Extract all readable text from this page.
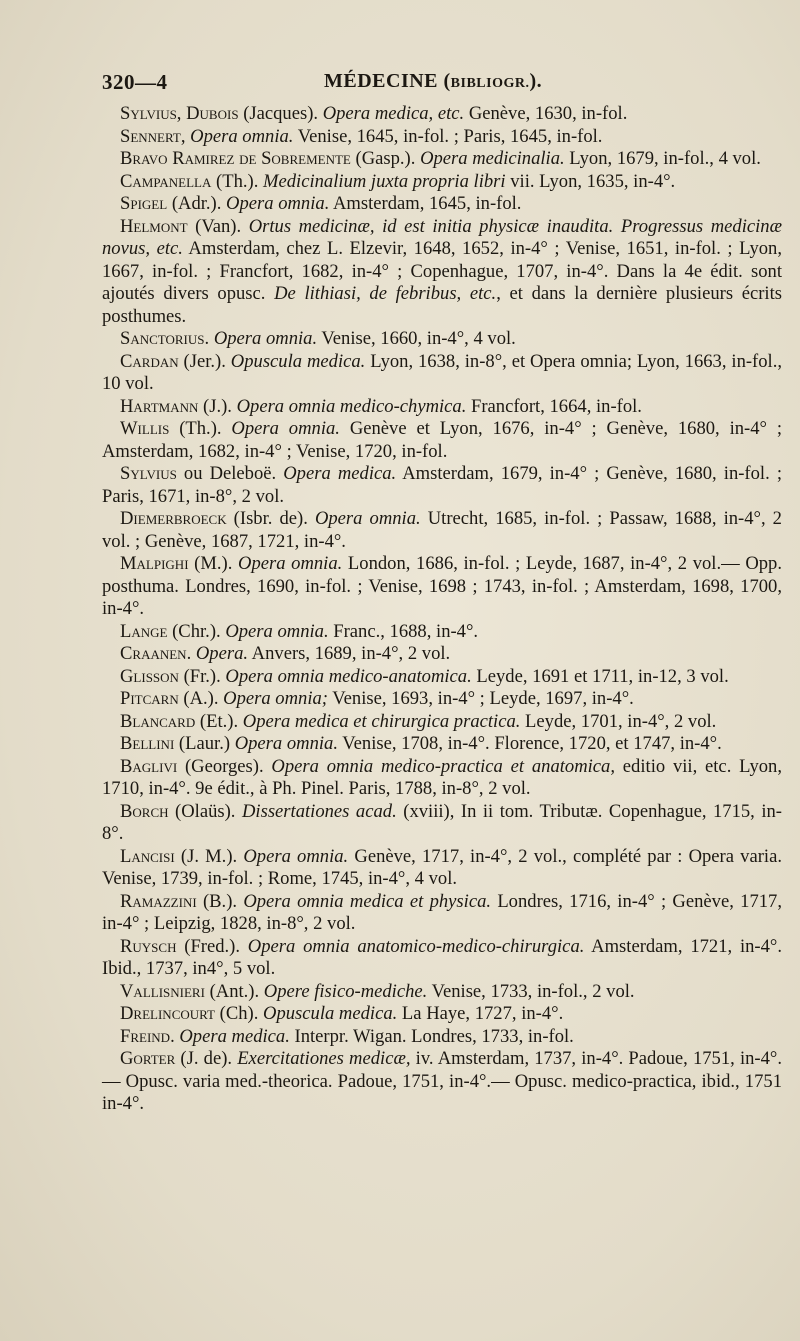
320—4	MÉDECINE (BIBLIOGR.).

Sylvius, Dubois (Jacques). Opera medica, etc. Genève, 1630, in-fol.

Sennert, Opera omnia. Venise, 1645, in-fol. ; Paris, 1645, in-fol.

Bravo Ramirez de Sobremente (Gasp.). Opera medicinalia. Lyon, 1679, in-fol., 4 vol.

Campanella (Th.). Medicinalium juxta propria libri vii. Lyon, 1635, in-4°.

Spigel (Adr.). Opera omnia. Amsterdam, 1645, in-fol.

Helmont (Van). Ortus medicinæ, id est initia physicæ inaudita. Progressus medicinæ novus, etc. Amsterdam, chez L. Elzevir, 1648, 1652, in-4° ; Venise, 1651, in-fol. ; Lyon, 1667, in-fol. ; Francfort, 1682, in-4° ; Copenhague, 1707, in-4°. Dans la 4e édit. sont ajoutés divers opusc. De lithiasi, de febribus, etc., et dans la dernière plusieurs écrits posthumes.

Sanctorius. Opera omnia. Venise, 1660, in-4°, 4 vol.

Cardan (Jer.). Opuscula medica. Lyon, 1638, in-8°, et Opera omnia; Lyon, 1663, in-fol., 10 vol.

Hartmann (J.). Opera omnia medico-chymica. Francfort, 1664, in-fol.

Willis (Th.). Opera omnia. Genève et Lyon, 1676, in-4° ; Genève, 1680, in-4° ; Amsterdam, 1682, in-4° ; Venise, 1720, in-fol.

Sylvius ou Deleboë. Opera medica. Amsterdam, 1679, in-4° ; Genève, 1680, in-fol. ; Paris, 1671, in-8°, 2 vol.

Diemerbroeck (Isbr. de). Opera omnia. Utrecht, 1685, in-fol. ; Passaw, 1688, in-4°, 2 vol. ; Genève, 1687, 1721, in-4°.

Malpighi (M.). Opera omnia. London, 1686, in-fol. ; Leyde, 1687, in-4°, 2 vol.— Opp. posthuma. Londres, 1690, in-fol. ; Venise, 1698 ; 1743, in-fol. ; Amsterdam, 1698, 1700, in-4°.

Lange (Chr.). Opera omnia. Franc., 1688, in-4°.

Craanen. Opera. Anvers, 1689, in-4°, 2 vol.

Glisson (Fr.). Opera omnia medico-anatomica. Leyde, 1691 et 1711, in-12, 3 vol.

Pitcarn (A.). Opera omnia; Venise, 1693, in-4° ; Leyde, 1697, in-4°.

Blancard (Et.). Opera medica et chirurgica practica. Leyde, 1701, in-4°, 2 vol.

Bellini (Laur.) Opera omnia. Venise, 1708, in-4°. Florence, 1720, et 1747, in-4°.

Baglivi (Georges). Opera omnia medico-practica et anatomica, editio vii, etc. Lyon, 1710, in-4°. 9e édit., à Ph. Pinel. Paris, 1788, in-8°, 2 vol.

Borch (Olaüs). Dissertationes acad. (xviii), In ii tom. Tributæ. Copenhague, 1715, in-8°.

Lancisi (J. M.). Opera omnia. Genève, 1717, in-4°, 2 vol., complété par : Opera varia. Venise, 1739, in-fol. ; Rome, 1745, in-4°, 4 vol.

Ramazzini (B.). Opera omnia medica et physica. Londres, 1716, in-4° ; Genève, 1717, in-4° ; Leipzig, 1828, in-8°, 2 vol.

Ruysch (Fred.). Opera omnia anatomico-medico-chirurgica. Amsterdam, 1721, in-4°. Ibid., 1737, in4°, 5 vol.

Vallisnieri (Ant.). Opere fisico-mediche. Venise, 1733, in-fol., 2 vol.

Drelincourt (Ch). Opuscula medica. La Haye, 1727, in-4°.

Freind. Opera medica. Interpr. Wigan. Londres, 1733, in-fol.

Gorter (J. de). Exercitationes medicæ, iv. Amsterdam, 1737, in-4°. Padoue, 1751, in-4°. — Opusc. varia med.-theorica. Padoue, 1751, in-4°.— Opusc. medico-practica, ibid., 1751 in-4°.
